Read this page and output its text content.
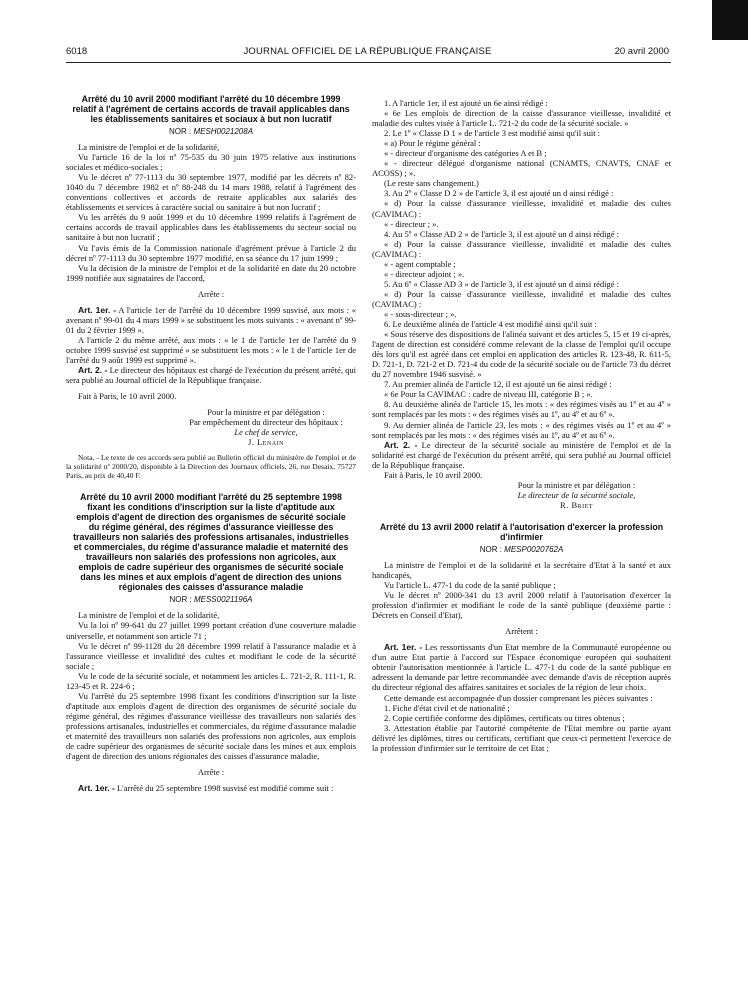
6018	JOURNAL OFFICIEL DE LA RÉPUBLIQUE FRANÇAISE	20 avril 2000
Arrêté du 10 avril 2000 modifiant l'arrêté du 10 décembre 1999 relatif à l'agrément de certains accords de travail applicables dans les établissements sanitaires et sociaux à but non lucratif
NOR : MESH0021208A

La ministre de l'emploi et de la solidarité,

Vu l'article 16 de la loi nº 75-535 du 30 juin 1975 relative aux institutions sociales et médico-sociales ;

Vu le décret nº 77-1113 du 30 septembre 1977, modifié par les décrets nº 82-1040 du 7 décembre 1982 et nº 88-248 du 14 mars 1988, relatif à l'agrément des conventions collectives et accords de retraite applicables aux salariés des établissements et services à caractère social ou sanitaire à but non lucratif ;

Vu les arrêtés du 9 août 1999 et du 10 décembre 1999 relatifs à l'agrément de certains accords de travail applicables dans les établissements du secteur social ou sanitaire à but non lucratif ;

Vu l'avis émis de la Commission nationale d'agrément prévue à l'article 2 du décret nº 77-1113 du 30 septembre 1977 modifié, en sa séance du 17 juin 1999 ;

Vu la décision de la ministre de l'emploi et de la solidarité en date du 20 octobre 1999 notifiée aux signataires de l'accord,

Arrête :

Art. 1er. - A l'article 1er de l'arrêté du 10 décembre 1999 susvisé, aux mots : « avenant nº 99-01 du 4 mars 1999 » se substituent les mots suivants : « avenant nº 99-01 du 2 février 1999 ».

A l'article 2 du même arrêté, aux mots : « le 1 de l'article 1er de l'arrêté du 9 octobre 1999 susvisé est supprimé » se substituent les mots : « le 1 de l'article 1er de l'arrêté du 9 août 1999 est supprimé ».

Art. 2. - Le directeur des hôpitaux est chargé de l'exécution du présent arrêté, qui sera publié au Journal officiel de la République française.

Fait à Paris, le 10 avril 2000.

Pour la ministre et par délégation :
Par empêchement du directeur des hôpitaux :
Le chef de service,
J. Lenain

Nota. - Le texte de ces accords sera publié au Bulletin officiel du ministère de l'emploi et de la solidarité nº 2000/20, disponible à la Direction des Journaux officiels, 26, rue Desaix, 75727 Paris, au prix de 40,40 F.

Arrêté du 10 avril 2000 modifiant l'arrêté du 25 septembre 1998 fixant les conditions d'inscription sur la liste d'aptitude aux emplois d'agent de direction des organismes de sécurité sociale du régime général, des régimes d'assurance vieillesse des travailleurs non salariés des professions artisanales, industrielles et commerciales, du régime d'assurance maladie et maternité des travailleurs non salariés des professions non agricoles, aux emplois de cadre supérieur des organismes de sécurité sociale dans les mines et aux emplois d'agent de direction des unions régionales des caisses d'assurance maladie
NOR : MESS0021196A

La ministre de l'emploi et de la solidarité,

Vu la loi nº 99-641 du 27 juillet 1999 portant création d'une couverture maladie universelle, et notamment son article 71 ;

Vu le décret nº 99-1128 du 28 décembre 1999 relatif à l'assurance maladie et à l'assurance vieillesse et invalidité des cultes et modifiant le code de la sécurité sociale ;

Vu le code de la sécurité sociale, et notamment les articles L. 721-2, R. 111-1, R. 123-45 et R. 224-6 ;

Vu l'arrêté du 25 septembre 1998 fixant les conditions d'inscription sur la liste d'aptitude aux emplois d'agent de direction des organismes de sécurité sociale du régime général, des régimes d'assurance vieillesse des travailleurs non salariés des professions artisanales, industrielles et commerciales, du régime d'assurance maladie et maternité des travailleurs non salariés des professions non agricoles, aux emplois de cadre supérieur des organismes de sécurité sociale dans les mines et aux emplois d'agent de direction des unions régionales des caisses d'assurance maladie,

Arrête :

Art. 1er. - L'arrêté du 25 septembre 1998 susvisé est modifié comme suit :

1. A l'article 1er, il est ajouté un 6e ainsi rédigé :

« 6e Les emplois de direction de la caisse d'assurance vieillesse, invalidité et maladie des cultes visée à l'article L. 721-2 du code de la sécurité sociale. »

2. Le 1º « Classe D 1 » de l'article 3 est modifié ainsi qu'il suit :

« a) Pour le régime général :

« - directeur d'organisme des catégories A et B ;

« - directeur délégué d'organisme national (CNAMTS, CNAVTS, CNAF et ACOSS) ; ».

(Le reste sans changement.)

3. Au 2º « Classe D 2 » de l'article 3, il est ajouté un d ainsi rédigé :

« d) Pour la caisse d'assurance vieillesse, invalidité et maladie des cultes (CAVIMAC) :

« - directeur ; ».

4. Au 5º « Classe AD 2 » de l'article 3, il est ajouté un d ainsi rédigé :

« d) Pour la caisse d'assurance vieillesse, invalidité et maladie des cultes (CAVIMAC) :

« - agent comptable ;

« - directeur adjoint ; ».

5. Au 6º « Classe AD 3 » de l'article 3, il est ajouté un d ainsi rédigé :

« d) Pour la caisse d'assurance vieillesse, invalidité et maladie des cultes (CAVIMAC) :

« - sous-directeur ; ».

6. Le deuxième alinéa de l'article 4 est modifié ainsi qu'il suit :

« Sous réserve des dispositions de l'alinéa suivant et des articles 5, 15 et 19 ci-après, l'agent de direction est considéré comme relevant de la classe de l'emploi qu'il occupe dès lors qu'il est agréé dans cet emploi en application des articles R. 123-48, R. 611-5, D. 721-1, D. 721-2 et D. 721-4 du code de la sécurité sociale ou de l'article 73 du décret du 27 novembre 1946 susvisé. »

7. Au premier alinéa de l'article 12, il est ajouté un 6e ainsi rédigé :

« 6e Pour la CAVIMAC : cadre de niveau III, catégorie B ; ».

8. Au deuxième alinéa de l'article 15, les mots : « des régimes visés au 1º et au 4º » sont remplacés par les mots : « des régimes visés au 1º, au 4º et au 6º ».

9. Au dernier alinéa de l'article 23, les mots : « des régimes visés au 1º et au 4º » sont remplacés par les mots : « des régimes visés au 1º, au 4º et au 6º ».

Art. 2. - Le directeur de la sécurité sociale au ministère de l'emploi et de la solidarité est chargé de l'exécution du présent arrêté, qui sera publié au Journal officiel de la République française.

Fait à Paris, le 10 avril 2000.

Pour la ministre et par délégation :
Le directeur de la sécurité sociale,
R. Briet
Arrêté du 13 avril 2000 relatif à l'autorisation d'exercer la profession d'infirmier
NOR : MESP0020762A

La ministre de l'emploi et de la solidarité et la secrétaire d'Etat à la santé et aux handicapés,

Vu l'article L. 477-1 du code de la santé publique ;

Vu le décret nº 2000-341 du 13 avril 2000 relatif à l'autorisation d'exercer la profession d'infirmier et modifiant le code de la santé publique (deuxième partie : Décrets en Conseil d'Etat),

Arrêtent :

Art. 1er. - Les ressortissants d'un Etat membre de la Communauté européenne ou d'un autre Etat partie à l'accord sur l'Espace économique européen qui souhaitent obtenir l'autorisation mentionnée à l'article L. 477-1 du code de la santé publique en adressent la demande par lettre recommandée avec demande d'avis de réception auprès du directeur régional des affaires sanitaires et sociales de la région de leur choix.

Cette demande est accompagnée d'un dossier comprenant les pièces suivantes :

1. Fiche d'état civil et de nationalité ;

2. Copie certifiée conforme des diplômes, certificats ou titres obtenus ;

3. Attestation établie par l'autorité compétente de l'Etat membre ou partie ayant délivré les diplômes, titres ou certificats, certifiant que ceux-ci permettent l'exercice de la profession d'infirmier sur le territoire de cet Etat ;
